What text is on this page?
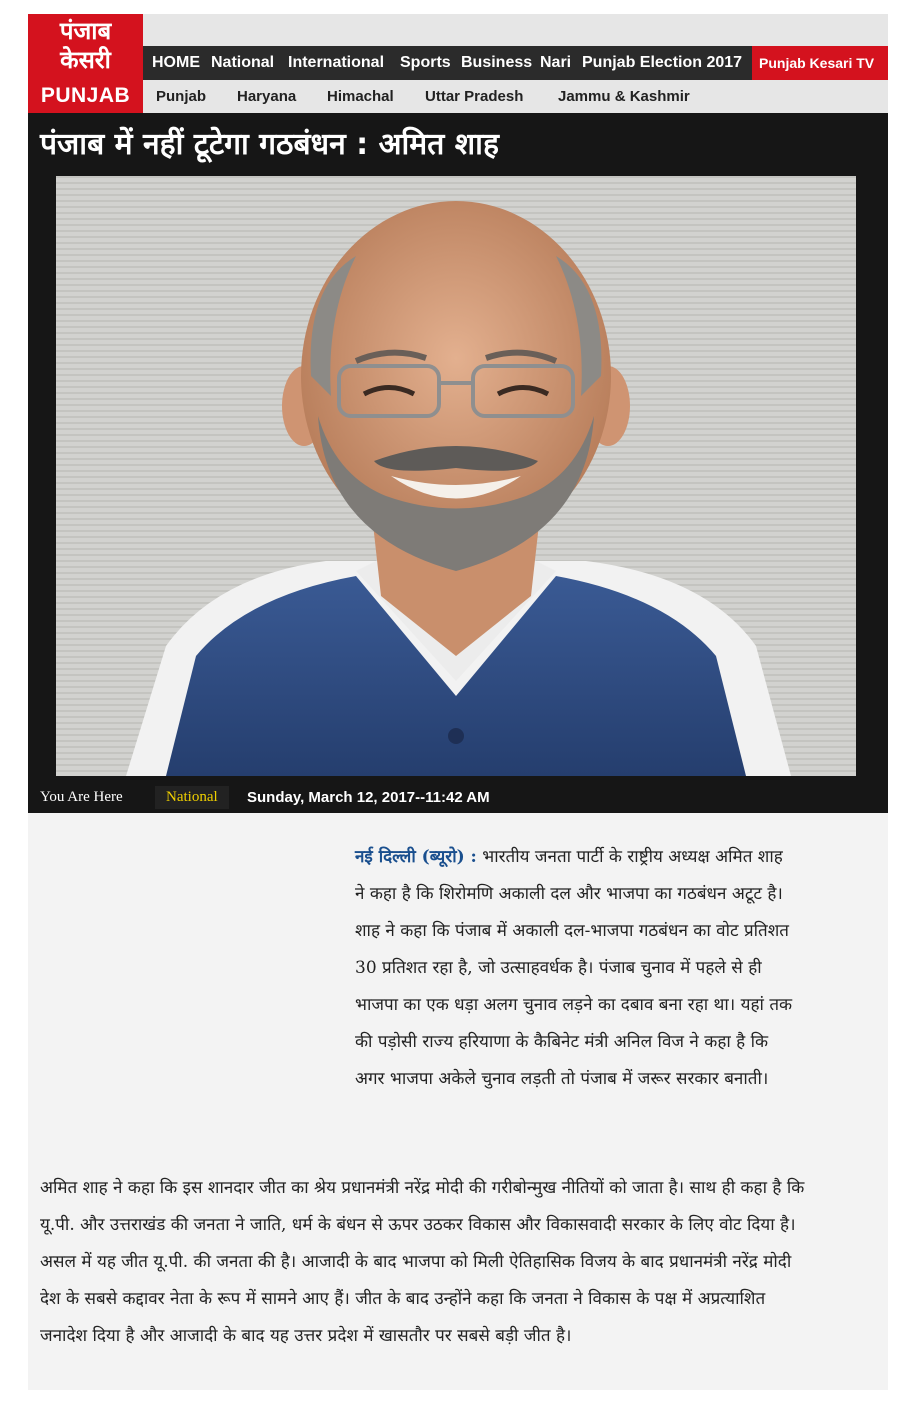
पंजाब
केसरी
PUNJAB
HOME National International Sports Business Nari Punjab Election 2017	Punjab Kesari TV
Punjab Haryana Himachal Uttar Pradesh Jammu & Kashmir
पंजाब में नहीं टूटेगा गठबंधन : अमित शाह
You Are Here	National	Sunday, March 12, 2017--11:42 AM

नई दिल्ली (ब्यूरो) : भारतीय जनता पार्टी के राष्ट्रीय अध्यक्ष अमित शाह ने कहा है कि शिरोमणि अकाली दल और भाजपा का गठबंधन अटूट है। शाह ने कहा कि पंजाब में अकाली दल-भाजपा गठबंधन का वोट प्रतिशत 30 प्रतिशत रहा है, जो उत्साहवर्धक है। पंजाब चुनाव में पहले से ही भाजपा का एक धड़ा अलग चुनाव लड़ने का दबाव बना रहा था। यहां तक की पड़ोसी राज्य हरियाणा के कैबिनेट मंत्री अनिल विज ने कहा है कि अगर भाजपा अकेले चुनाव लड़ती तो पंजाब में जरूर सरकार बनाती।

अमित शाह ने कहा कि इस शानदार जीत का श्रेय प्रधानमंत्री नरेंद्र मोदी की गरीबोन्मुख नीतियों को जाता है। साथ ही कहा है कि यू.पी. और उत्तराखंड की जनता ने जाति, धर्म के बंधन से ऊपर उठकर विकास और विकासवादी सरकार के लिए वोट दिया है। असल में यह जीत यू.पी. की जनता की है। आजादी के बाद भाजपा को मिली ऐतिहासिक विजय के बाद प्रधानमंत्री नरेंद्र मोदी देश के सबसे कद्दावर नेता के रूप में सामने आए हैं। जीत के बाद उन्होंने कहा कि जनता ने विकास के पक्ष में अप्रत्याशित जनादेश दिया है और आजादी के बाद यह उत्तर प्रदेश में खासतौर पर सबसे बड़ी जीत है।
